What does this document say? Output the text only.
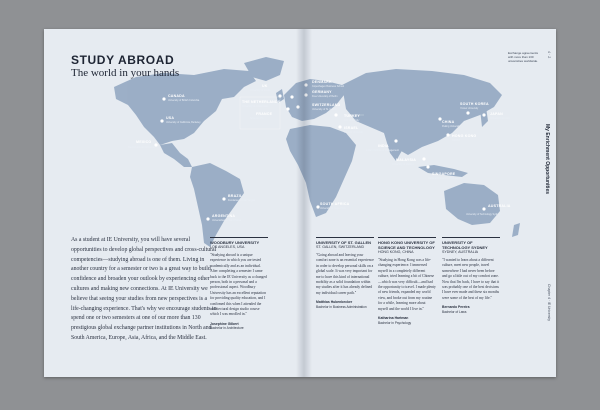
CANADA
University of British Columbia
USA
University of California, Berkeley
MEXICO
Tecnologico de Monterrey
BRAZIL
Fundacao Getulio Vargas
ARGENTINA
Universidad de San Andres
UK
University of Leeds
THE NETHERLANDS
University of Amsterdam
FRANCE
Sciences Po
GERMANY
Free University of Berlin
SWITZERLAND
University of St. Gallen
DENMARK
Copenhagen Business School
TURKEY
Koc University
ISRAEL
Tel Aviv University
INDIA
Indian Institute of Management
CHINA
Peking University
JAPAN
Waseda University
SOUTH KOREA
Yonsei University
HONG KONG
HKUST
MALAYSIA
University of Malaya
SINGAPORE
National University of Singapore
AUSTRALIA
University of Technology Sydney
SOUTH AFRICA
University of Cape Town
STUDY ABROAD
The world in your hands
Exchange agreements with more than 130 universities worldwide.

As a student at IE University, you will have several opportunities to develop global perspectives and cross-cultural competencies—studying abroad is one of them. Living in another country for a semester or two is a great way to build confidence and broaden your outlook by experiencing other cultures and making new connections. At IE University we believe that seeing your studies from new perspectives is a life-changing experience. That's why we encourage students to spend one or two semesters at one of our more than 130 prestigious global exchange partner institutions in North and South America, Europe, Asia, Africa, and the Middle East.

WOODBURY UNIVERSITY
LOS ANGELES, USA
"Studying abroad is a unique experience in which you are tested academically and as an individual. After completing a semester I came back to the IE University as a changed person, both in a personal and a professional aspect. Woodbury University has an excellent reputation for providing quality education, and I confirmed this when I attended the architectural design studio course which I was enrolled in."
Josephine Gilbert
Bachelor in Architecture
UNIVERSITY OF ST. GALLEN
ST. GALLEN, SWITZERLAND
"Going abroad and leaving your comfort zone is an essential experience in order to develop personal skills on a global scale. It was very important for me to have this kind of international mobility as a solid foundation within my studies after it has already defined my individual career path."
Matthias Hubenbecker
Bachelor in Business Administration
HONG KONG UNIVERSITY OF SCIENCE AND TECHNOLOGY
HONG KONG, CHINA
"Studying in Hong Kong was a life-changing experience. I immersed myself in a completely different culture, tried learning a bit of Chinese—which was very difficult—and had the opportunity to travel. I made plenty of new friends, expanded my world view, and broke out from my routine for a while, learning more about myself and the world I live in."
Katharina Hartman
Bachelor in Psychology
UNIVERSITY OF TECHNOLOGY SYDNEY
SYDNEY, AUSTRALIA
"I wanted to learn about a different culture, meet new people, travel somewhere I had never been before and go a little out of my comfort zone. Now that I'm back, I have to say that it was probably one of the best decisions I have ever made and these six months were some of the best of my life."
Bernardo Pereira
Bachelor of Laws
4 · 2
My Enrichment Opportunities
Chapter 4 · IE University
